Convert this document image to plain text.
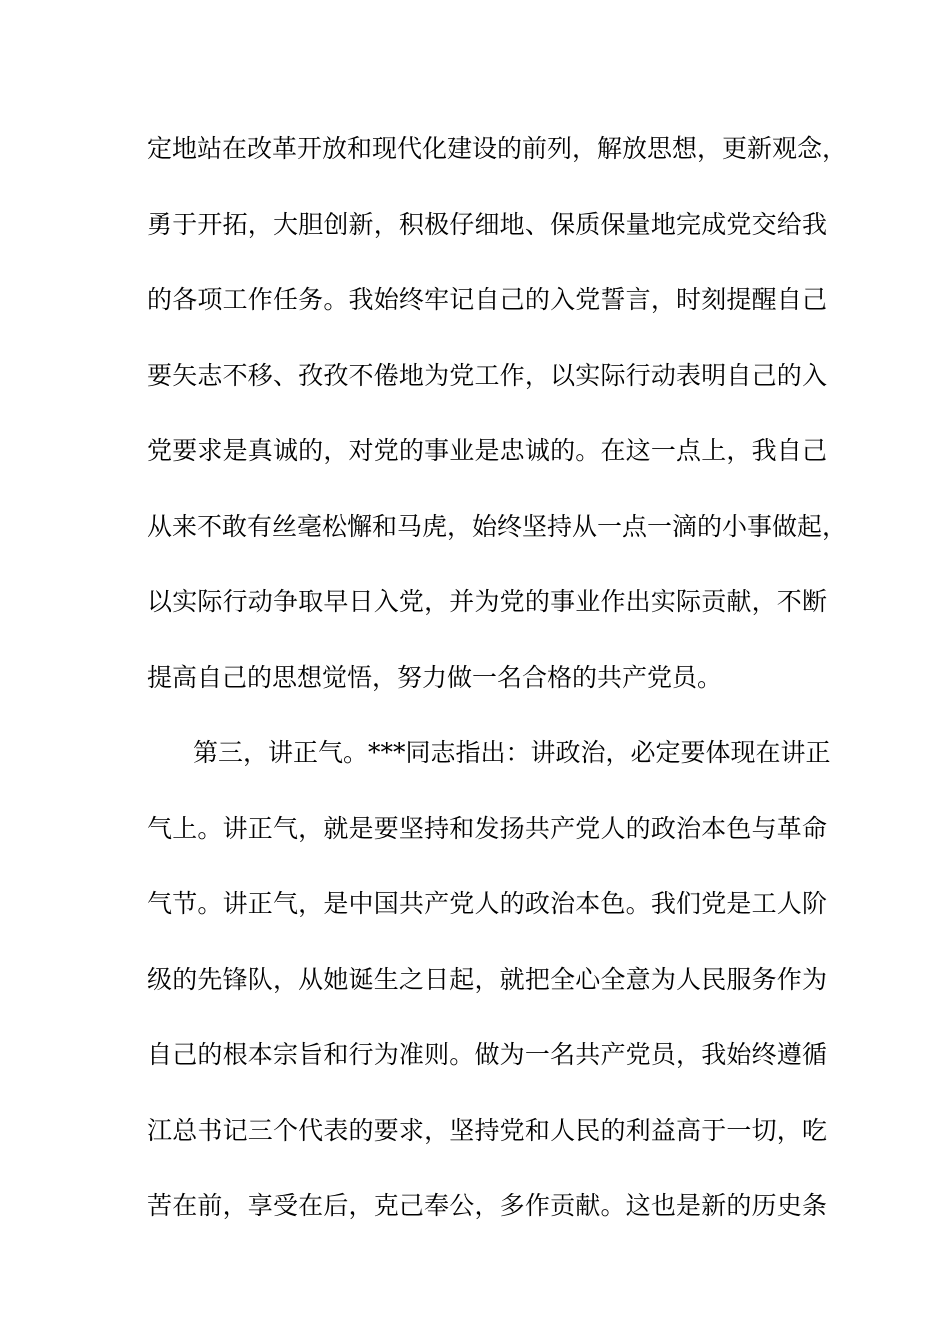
定地站在改革开放和现代化建设的前列，解放思想，更新观念，
勇于开拓，大胆创新，积极仔细地、保质保量地完成党交给我
的各项工作任务。我始终牢记自己的入党誓言，时刻提醒自己
要矢志不移、孜孜不倦地为党工作，以实际行动表明自己的入
党要求是真诚的，对党的事业是忠诚的。在这一点上，我自己
从来不敢有丝毫松懈和马虎，始终坚持从一点一滴的小事做起，
以实际行动争取早日入党，并为党的事业作出实际贡献，不断
提高自己的思想觉悟，努力做一名合格的共产党员。
第三，讲正气。***同志指出：讲政治，必定要体现在讲正
气上。讲正气，就是要坚持和发扬共产党人的政治本色与革命
气节。讲正气，是中国共产党人的政治本色。我们党是工人阶
级的先锋队，从她诞生之日起，就把全心全意为人民服务作为
自己的根本宗旨和行为准则。做为一名共产党员，我始终遵循
江总书记三个代表的要求，坚持党和人民的利益高于一切，吃
苦在前，享受在后，克己奉公，多作贡献。这也是新的历史条
